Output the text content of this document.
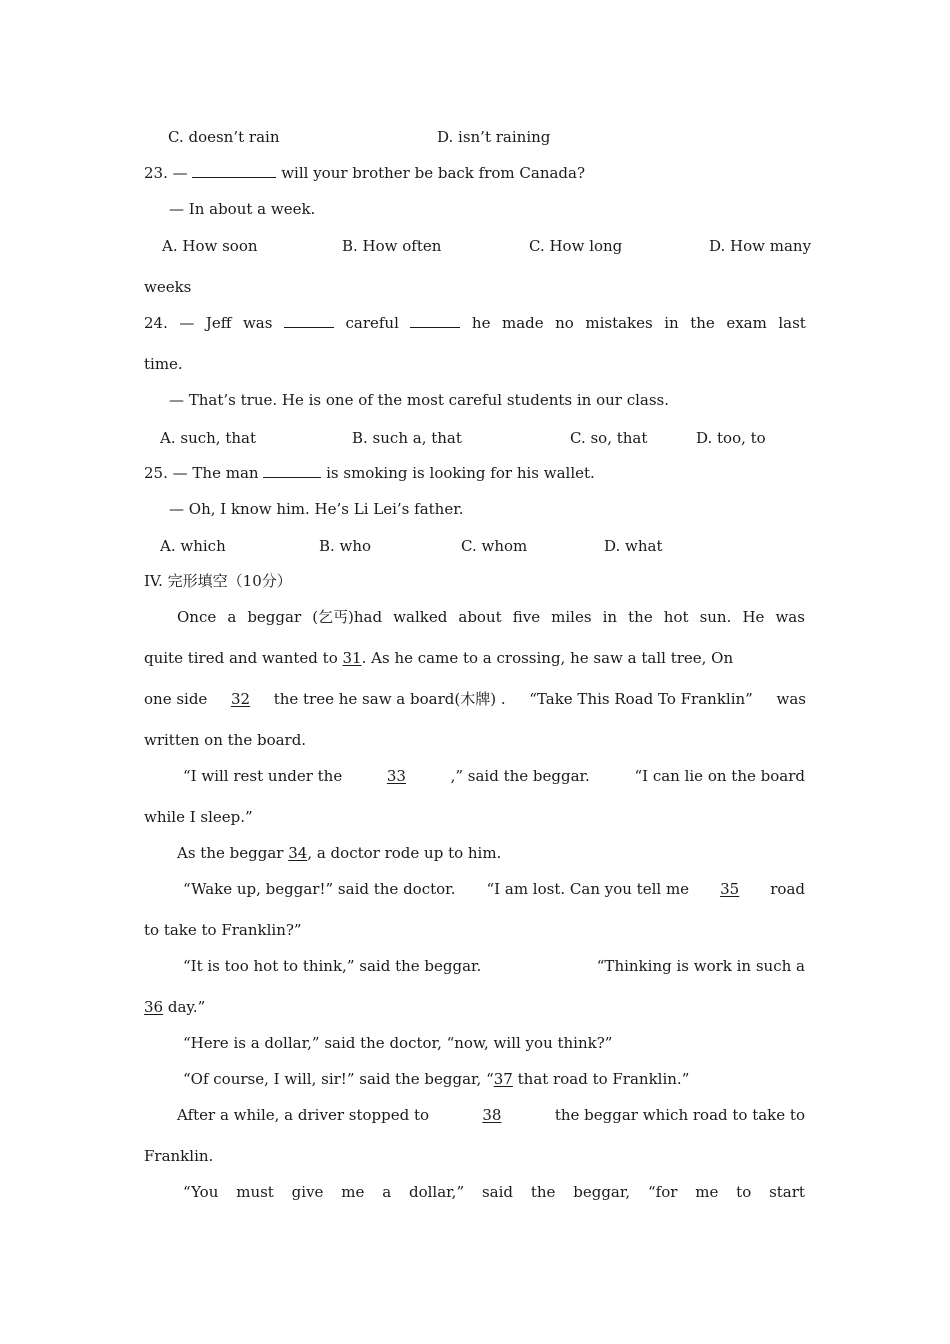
C. doesn’t rain	D. isn’t raining
23. —	will your brother be back from Canada?
— In about a week.
A. How soon	B. How often	C. How long	D. How many
weeks
24. — Jeff was	careful	he made no mistakes in the exam last
time.
— That’s true. He is one of the most careful students in our class.
A. such, that	B. such a, that	C. so, that	D. too, to
25. — The man	is smoking is looking for his wallet.
— Oh, I know him. He’s Li Lei’s father.
A. which	B. who	C. whom	D. what
IV. 完形填空（10分）
Once a beggar (乞丐)had walked about five miles in the hot sun. He was
quite tired and wanted to 31. As he came to a crossing, he saw a tall tree, On
one side 32 the tree he saw a board(木牌) . “Take This Road To Franklin” was
written on the board.
“I will rest under the	33	,” said the beggar.	“I can lie on the board
while I sleep.”
As the beggar 34, a doctor rode up to him.
“Wake up, beggar!” said the doctor. “I am lost. Can you tell me 35 road
to take to Franklin?”
“It is too hot to think,” said the beggar.	“Thinking is work in such a
36 day.”
“Here is a dollar,” said the doctor, “now, will you think?”
“Of course, I will, sir!” said the beggar, “37 that road to Franklin.”
After a while, a driver stopped to	38	the beggar which road to take to
Franklin.
“You must give me a dollar,” said the beggar, “for me to start
